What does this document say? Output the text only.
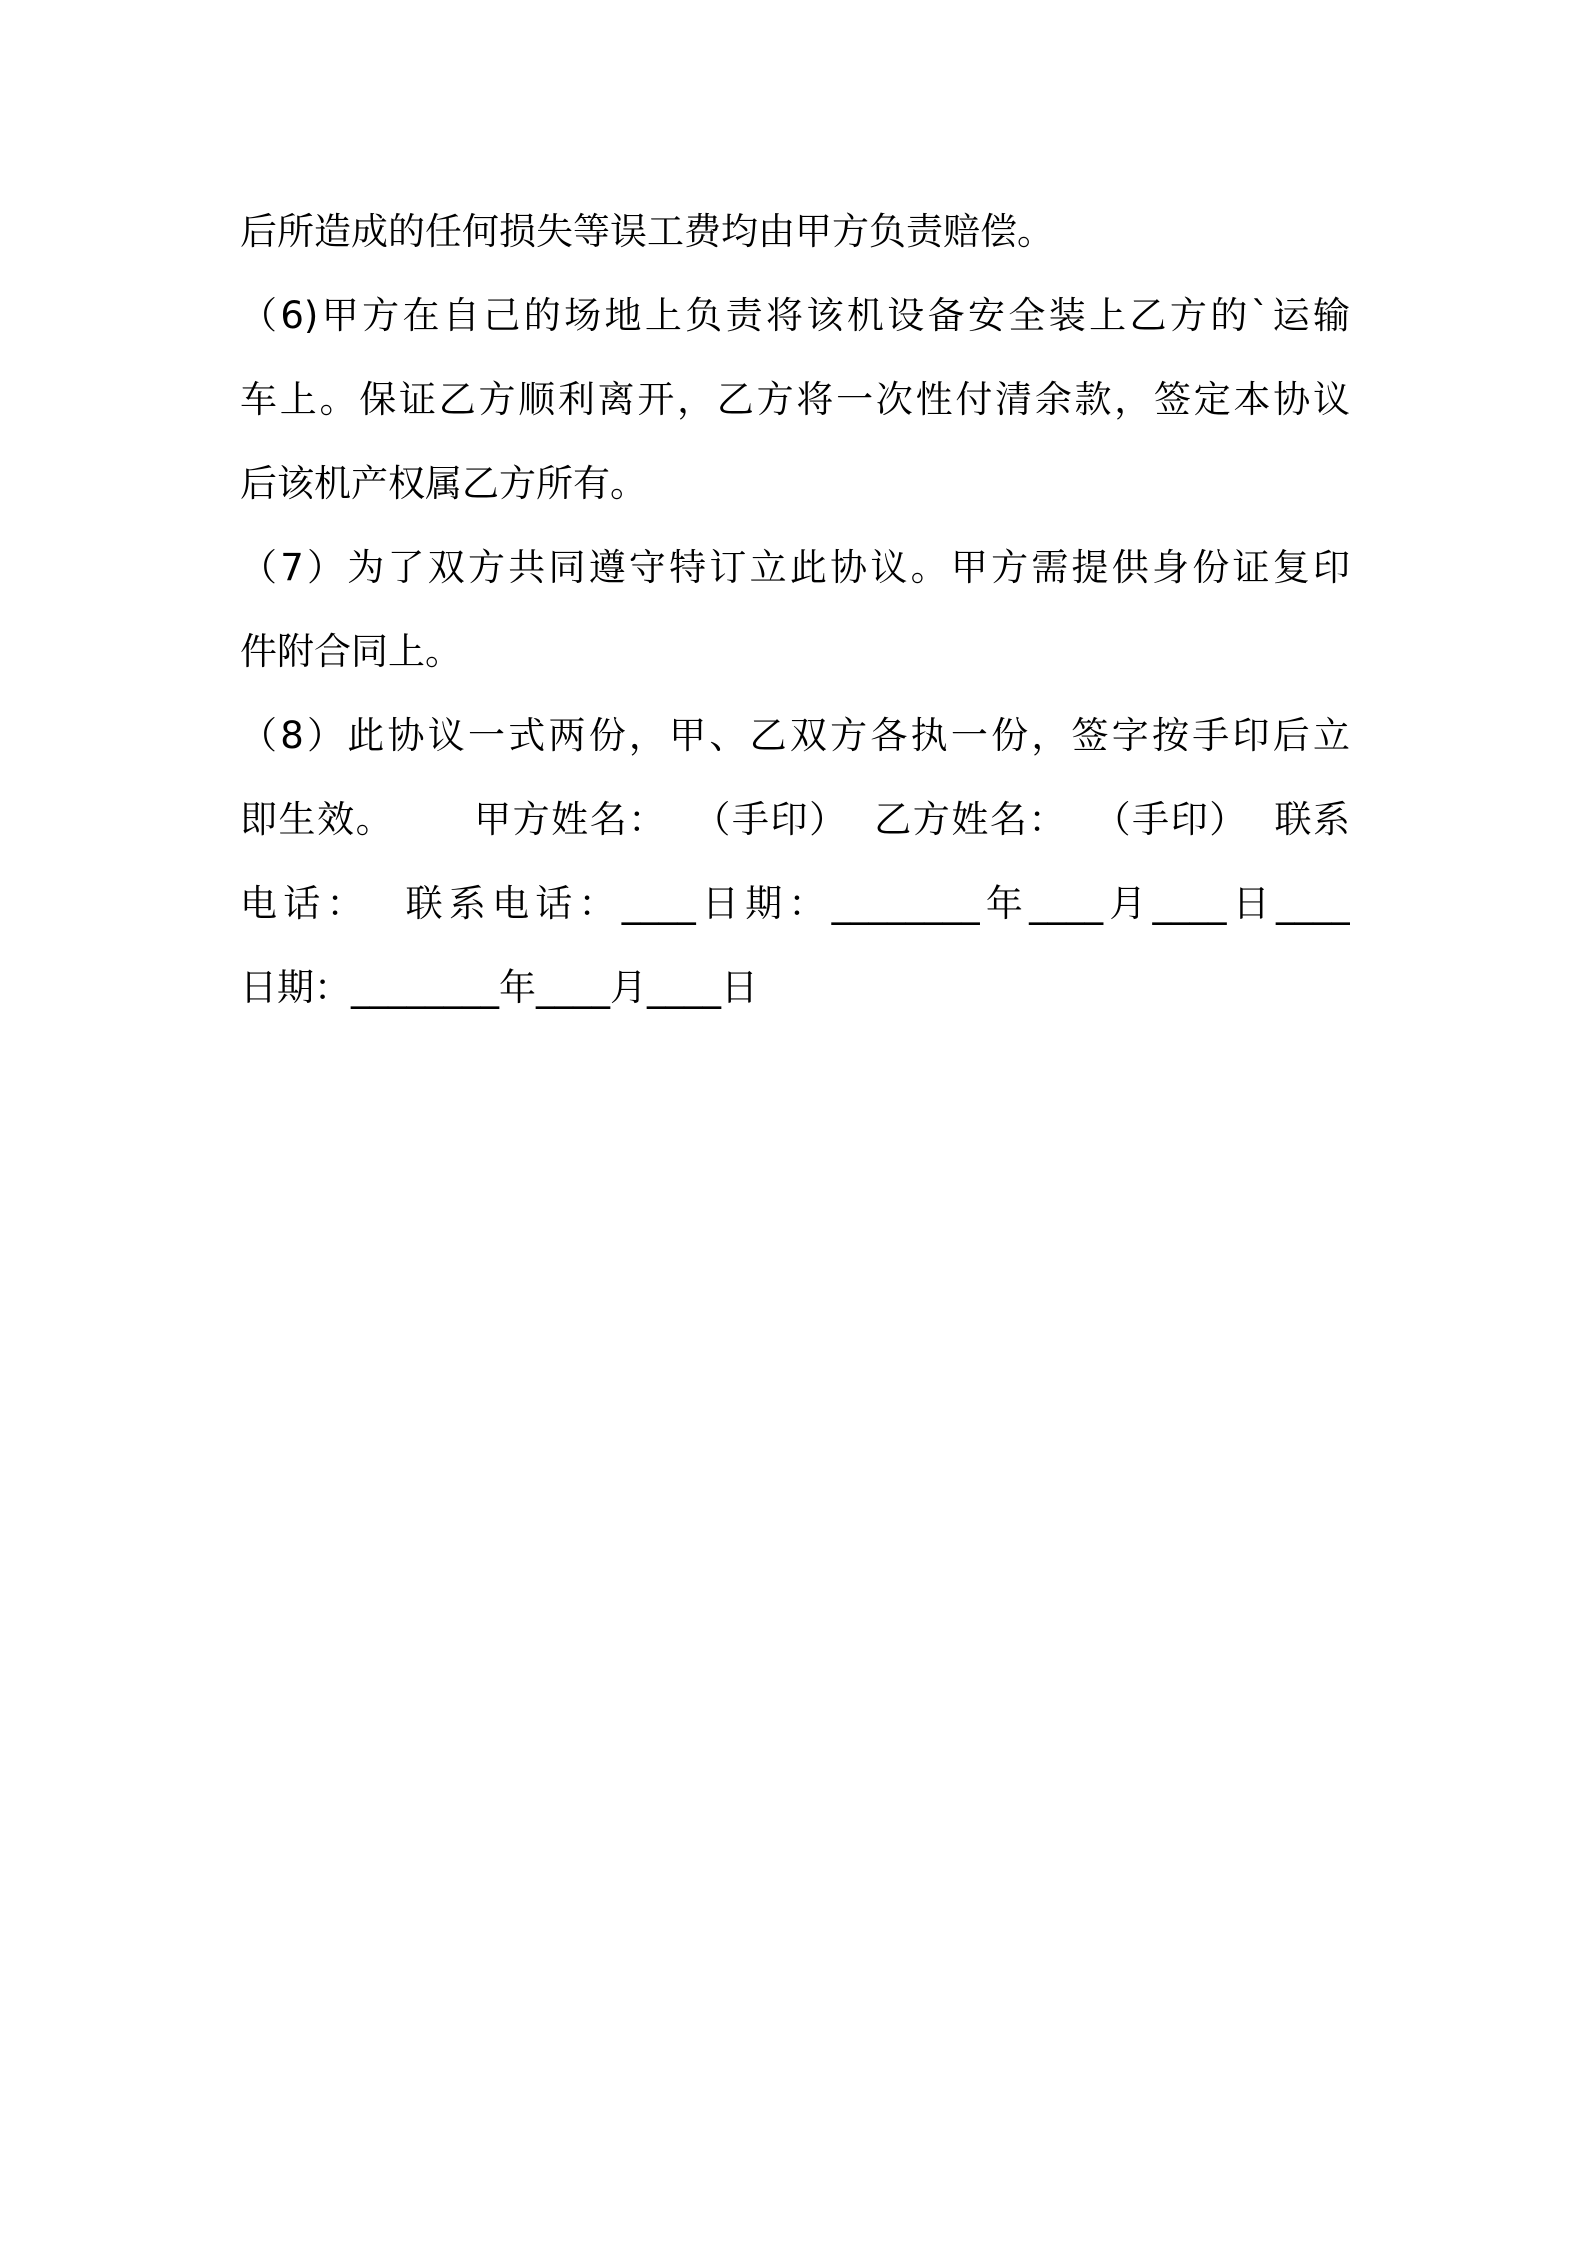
后所造成的任何损失等误工费均由甲方负责赔偿。
（6)甲方在自己的场地上负责将该机设备安全装上乙方的`运输
车上。保证乙方顺利离开，乙方将一次性付清余款，签定本协议
后该机产权属乙方所有。
（7）为了双方共同遵守特订立此协议。甲方需提供身份证复印
件附合同上。
（8）此协议一式两份，甲、乙双方各执一份，签字按手印后立
即生效。      甲方姓名：  （手印）  乙方姓名：  （手印）  联系
电话：  联系电话：____日期：________年____月____日____
日期：________年____月____日
